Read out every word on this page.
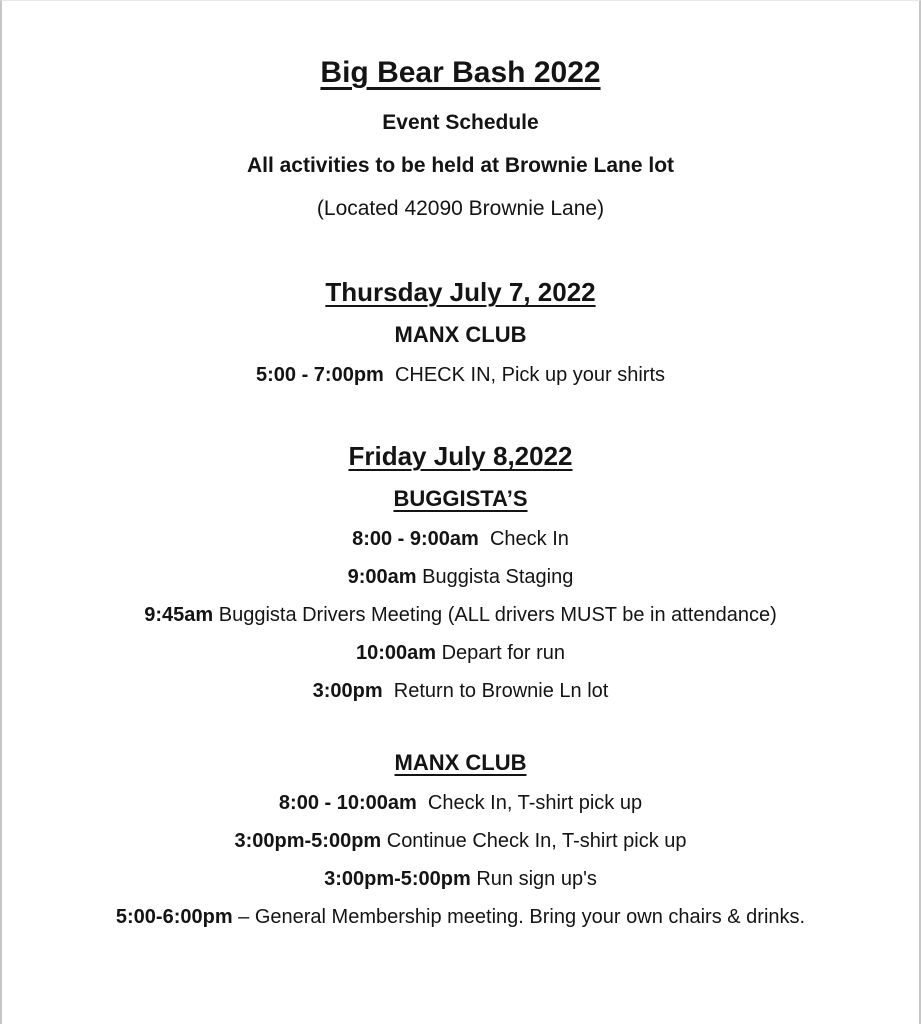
Big Bear Bash 2022
Event Schedule
All activities to be held at Brownie Lane lot
(Located 42090 Brownie Lane)
Thursday July 7, 2022
MANX CLUB
5:00 - 7:00pm  CHECK IN, Pick up your shirts
Friday July 8,2022
BUGGISTA’S
8:00 - 9:00am  Check In
9:00am Buggista Staging
9:45am Buggista Drivers Meeting (ALL drivers MUST be in attendance)
10:00am Depart for run
3:00pm  Return to Brownie Ln lot
MANX CLUB
8:00 - 10:00am  Check In, T-shirt pick up
3:00pm-5:00pm Continue Check In, T-shirt pick up
3:00pm-5:00pm Run sign up's
5:00-6:00pm – General Membership meeting. Bring your own chairs & drinks.
